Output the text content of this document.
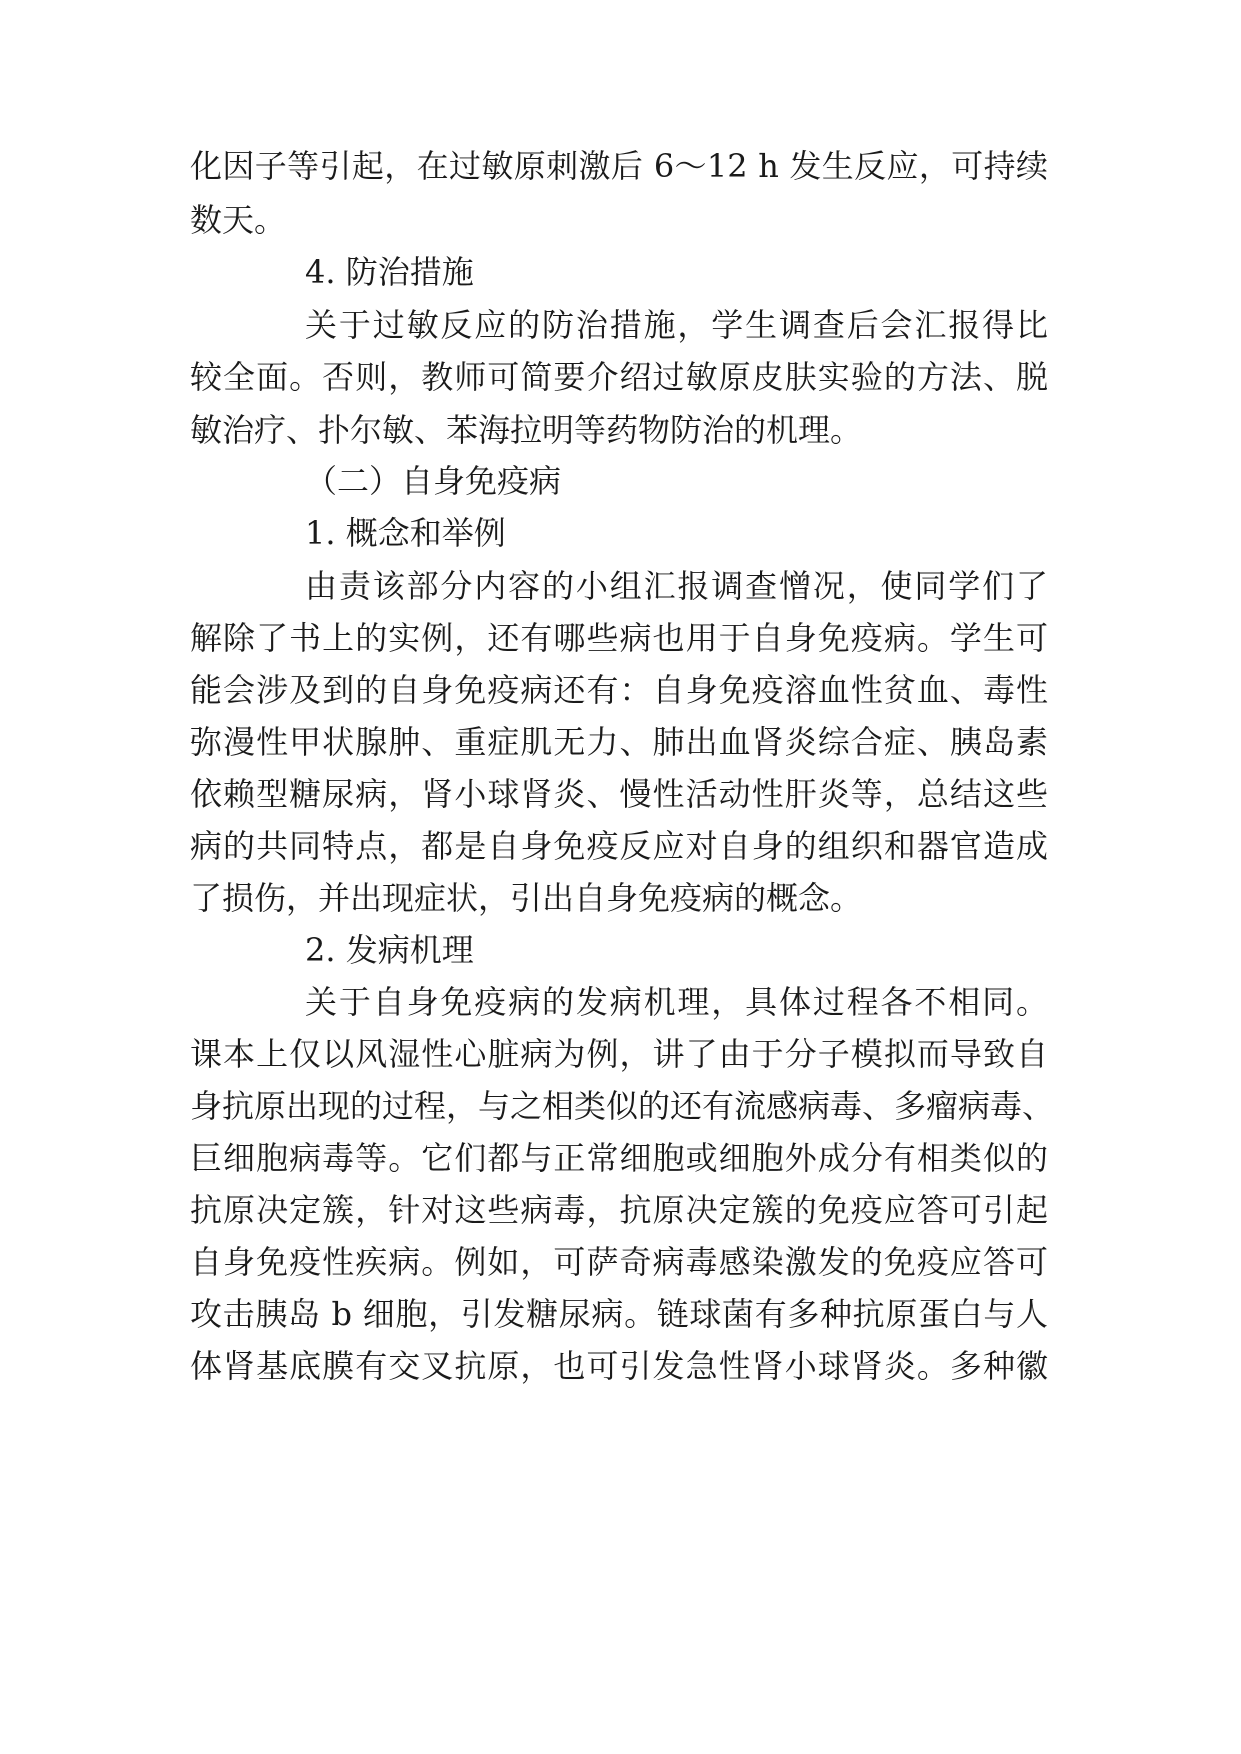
化因子等引起，在过敏原刺激后 6～12 h 发生反应，可持续
数天。
4. 防治措施
关于过敏反应的防治措施，学生调查后会汇报得比
较全面。否则，教师可简要介绍过敏原皮肤实验的方法、脱
敏治疗、扑尔敏、苯海拉明等药物防治的机理。
（二）自身免疫病
1. 概念和举例
由责该部分内容的小组汇报调查憎况，使同学们了
解除了书上的实例，还有哪些病也用于自身免疫病。学生可
能会涉及到的自身免疫病还有：自身免疫溶血性贫血、毒性
弥漫性甲状腺肿、重症肌无力、肺出血肾炎综合症、胰岛素
依赖型糖尿病，肾小球肾炎、慢性活动性肝炎等，总结这些
病的共同特点，都是自身免疫反应对自身的组织和器官造成
了损伤，并出现症状，引出自身免疫病的概念。
2. 发病机理
关于自身免疫病的发病机理，具体过程各不相同。
课本上仅以风湿性心脏病为例，讲了由于分子模拟而导致自
身抗原出现的过程，与之相类似的还有流感病毒、多瘤病毒、
巨细胞病毒等。它们都与正常细胞或细胞外成分有相类似的
抗原决定簇，针对这些病毒，抗原决定簇的免疫应答可引起
自身免疫性疾病。例如，可萨奇病毒感染激发的免疫应答可
攻击胰岛 b 细胞，引发糖尿病。链球菌有多种抗原蛋白与人
体肾基底膜有交叉抗原，也可引发急性肾小球肾炎。多种徽
